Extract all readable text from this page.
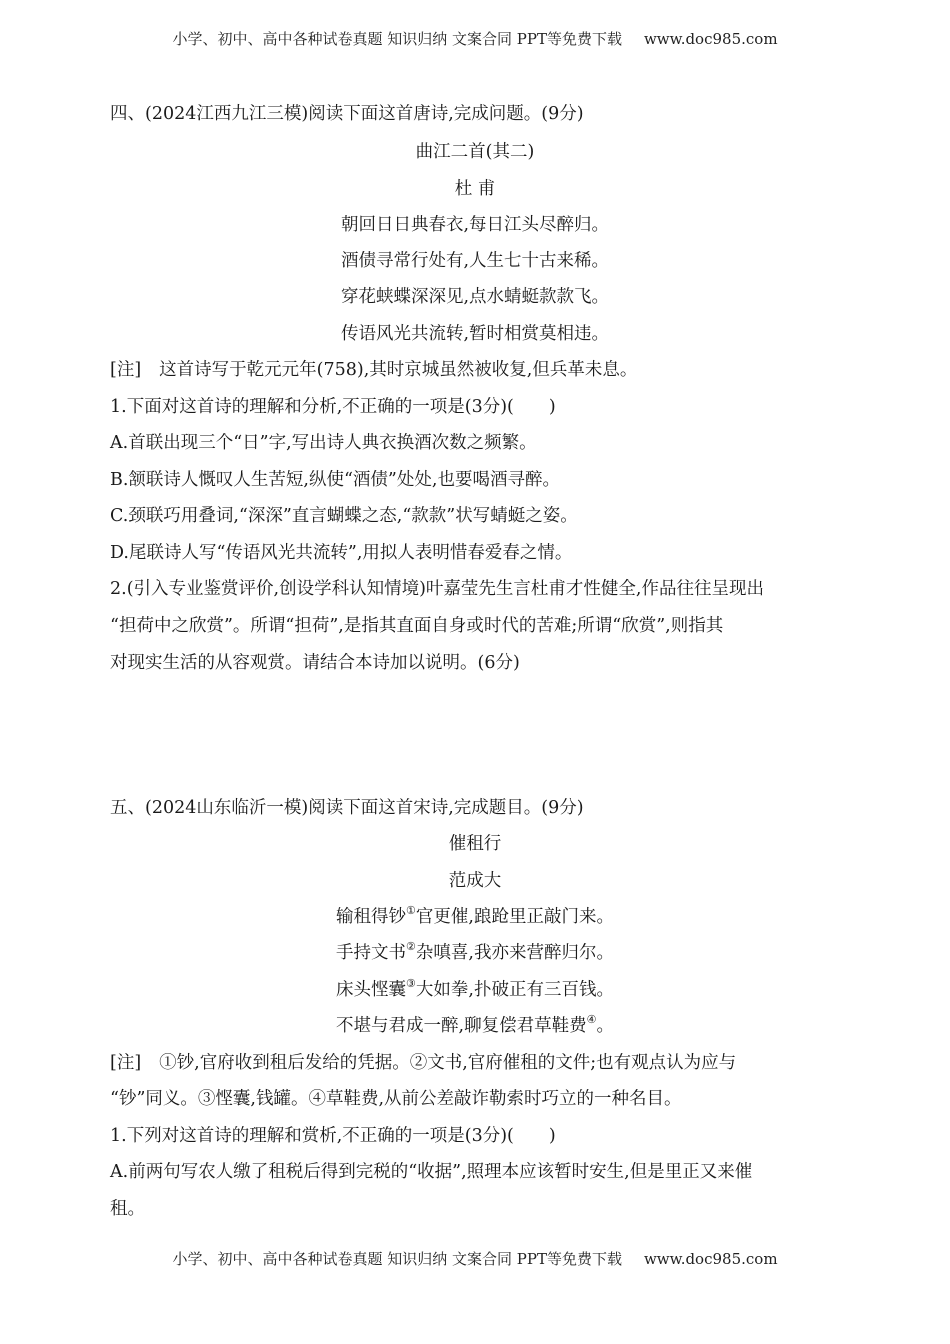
小学、初中、高中各种试卷真题 知识归纳 文案合同 PPT等免费下载 www.doc985.com
四、(2024江西九江三模)阅读下面这首唐诗,完成问题。(9分)
曲江二首(其二)
杜 甫
朝回日日典春衣,每日江头尽醉归。
酒债寻常行处有,人生七十古来稀。
穿花蛱蝶深深见,点水蜻蜓款款飞。
传语风光共流转,暂时相赏莫相违。
[注] 这首诗写于乾元元年(758),其时京城虽然被收复,但兵革未息。
1.下面对这首诗的理解和分析,不正确的一项是(3分)(　　)
A.首联出现三个“日”字,写出诗人典衣换酒次数之频繁。
B.颔联诗人慨叹人生苦短,纵使“酒债”处处,也要喝酒寻醉。
C.颈联巧用叠词,“深深”直言蝴蝶之态,“款款”状写蜻蜓之姿。
D.尾联诗人写“传语风光共流转”,用拟人表明惜春爱春之情。
2.(引入专业鉴赏评价,创设学科认知情境)叶嘉莹先生言杜甫才性健全,作品往往呈现出
“担荷中之欣赏”。所谓“担荷”,是指其直面自身或时代的苦难;所谓“欣赏”,则指其
对现实生活的从容观赏。请结合本诗加以说明。(6分)
五、(2024山东临沂一模)阅读下面这首宋诗,完成题目。(9分)
催租行
范成大
输租得钞①官更催,踉跄里正敲门来。
手持文书②杂嗔喜,我亦来营醉归尔。
床头悭囊③大如拳,扑破正有三百钱。
不堪与君成一醉,聊复偿君草鞋费④。
[注] ①钞,官府收到租后发给的凭据。②文书,官府催租的文件;也有观点认为应与
“钞”同义。③悭囊,钱罐。④草鞋费,从前公差敲诈勒索时巧立的一种名目。
1.下列对这首诗的理解和赏析,不正确的一项是(3分)(　　)
A.前两句写农人缴了租税后得到完税的“收据”,照理本应该暂时安生,但是里正又来催
租。
小学、初中、高中各种试卷真题 知识归纳 文案合同 PPT等免费下载 www.doc985.com
